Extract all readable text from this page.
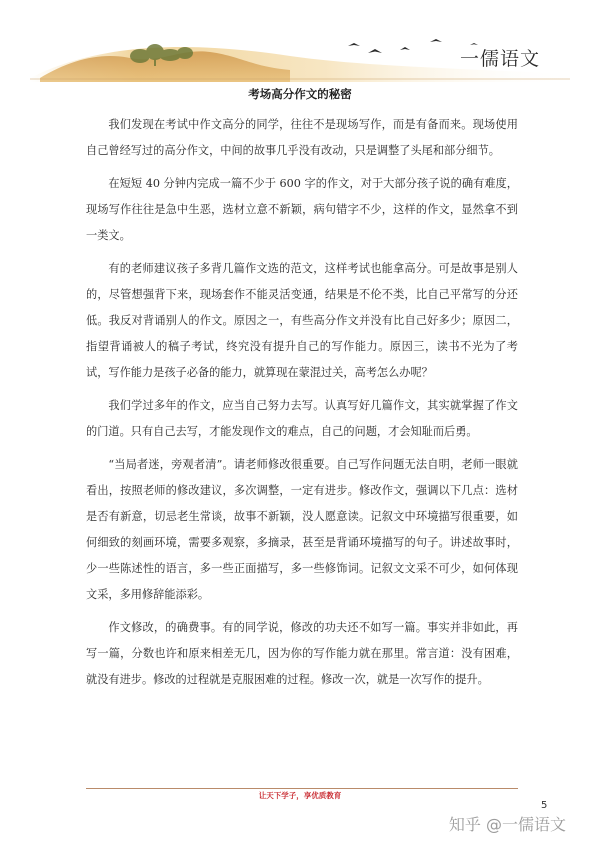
一儒语文
考场高分作文的秘密

我们发现在考试中作文高分的同学，往往不是现场写作，而是有备而来。现场使用自己曾经写过的高分作文，中间的故事几乎没有改动，只是调整了头尾和部分细节。

在短短 40 分钟内完成一篇不少于 600 字的作文，对于大部分孩子说的确有难度，现场写作往往是急中生恶，选材立意不新颖，病句错字不少，这样的作文，显然拿不到一类文。

有的老师建议孩子多背几篇作文选的范文，这样考试也能拿高分。可是故事是别人的，尽管想强背下来，现场套作不能灵活变通，结果是不伦不类，比自己平常写的分还低。我反对背诵别人的作文。原因之一，有些高分作文并没有比自己好多少；原因二，指望背诵被人的稿子考试，终究没有提升自己的写作能力。原因三，读书不光为了考试，写作能力是孩子必备的能力，就算现在蒙混过关，高考怎么办呢？

我们学过多年的作文，应当自己努力去写。认真写好几篇作文，其实就掌握了作文的门道。只有自己去写，才能发现作文的难点，自己的问题，才会知耻而后勇。

“当局者迷，旁观者清”。请老师修改很重要。自己写作问题无法自明，老师一眼就看出，按照老师的修改建议，多次调整，一定有进步。修改作文，强调以下几点：选材是否有新意，切忌老生常谈，故事不新颖，没人愿意读。记叙文中环境描写很重要，如何细致的刻画环境，需要多观察，多摘录，甚至是背诵环境描写的句子。讲述故事时，少一些陈述性的语言，多一些正面描写，多一些修饰词。记叙文文采不可少，如何体现文采，多用修辞能添彩。

作文修改，的确费事。有的同学说，修改的功夫还不如写一篇。事实并非如此，再写一篇，分数也许和原来相差无几，因为你的写作能力就在那里。常言道：没有困难，就没有进步。修改的过程就是克服困难的过程。修改一次，就是一次写作的提升。

让天下学子，享优质教育
5
知乎 @一儒语文
